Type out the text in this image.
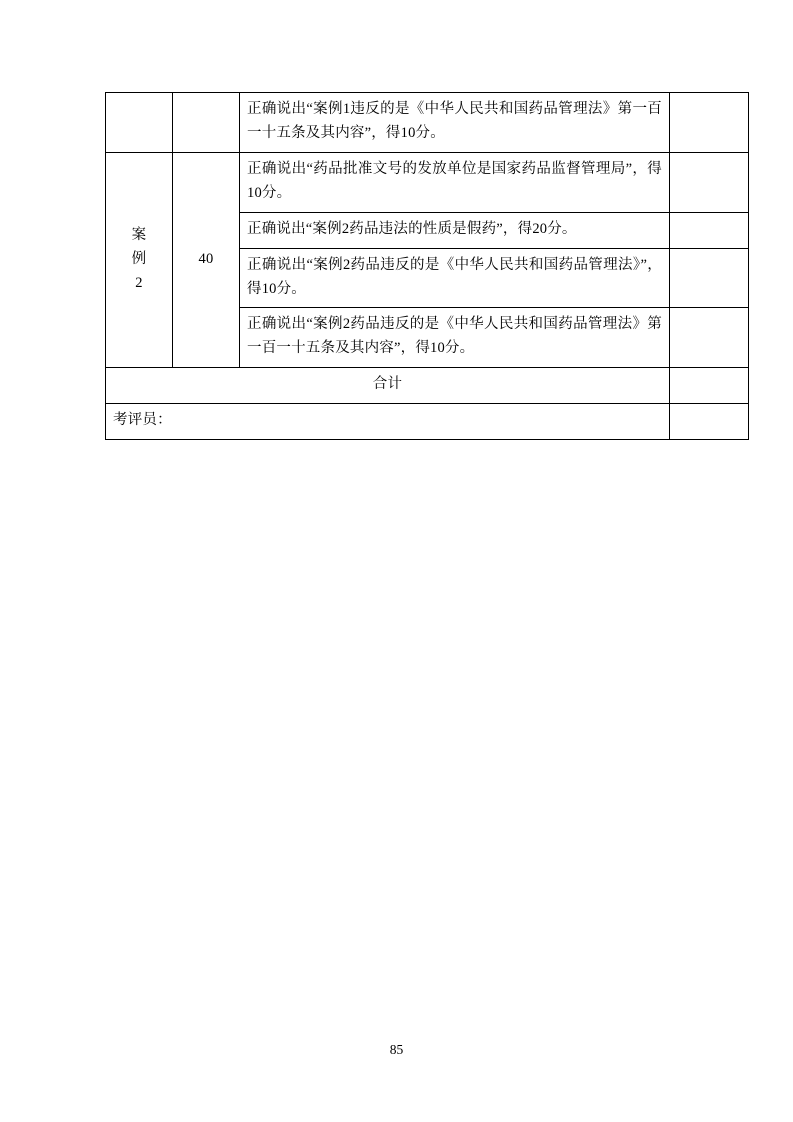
		正确说出“案例1违反的是《中华人民共和国药品管理法》第一百一十五条及其内容”，得10分。	

案
例
2	40	正确说出“药品批准文号的发放单位是国家药品监督管理局”，得10分。	
		正确说出“案例2药品违法的性质是假药”，得20分。	
		正确说出“案例2药品违反的是《中华人民共和国药品管理法》”，得10分。	
		正确说出“案例2药品违反的是《中华人民共和国药品管理法》第一百一十五条及其内容”，得10分。	
合计			
考评员：			
85
